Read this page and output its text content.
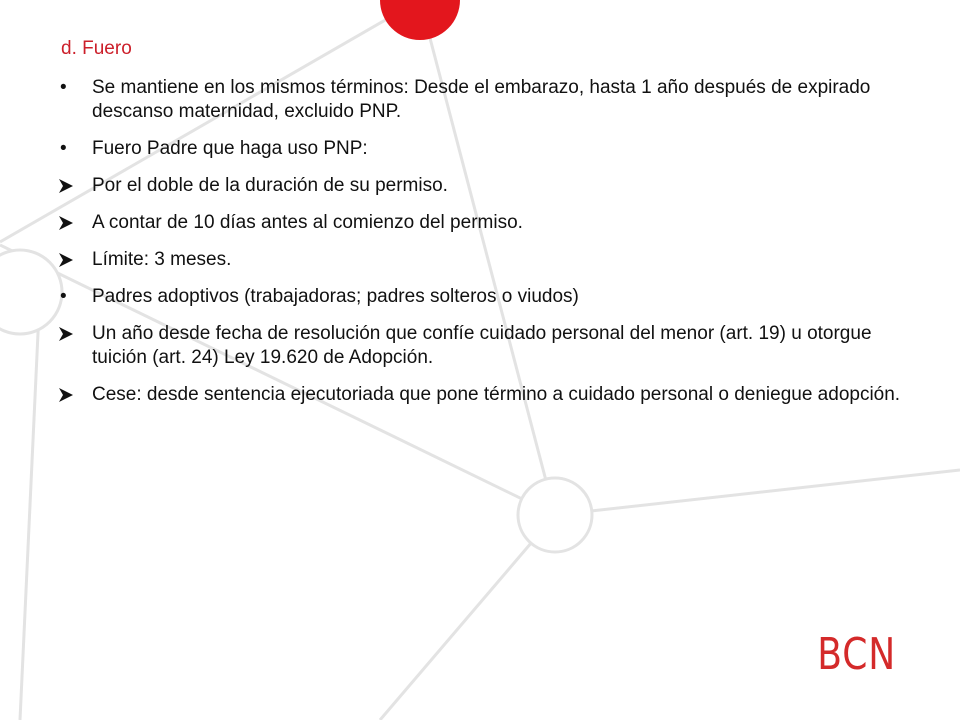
d. Fuero
•	Se mantiene en los mismos términos: Desde el embarazo, hasta 1 año después de expirado descanso maternidad, excluido PNP.
•	Fuero Padre que haga uso PNP:
Por el doble de la duración de su permiso.
A contar de 10 días antes al comienzo del permiso.
Límite: 3 meses.
•	Padres adoptivos (trabajadoras; padres solteros o viudos)
Un año desde fecha de resolución que confíe cuidado personal del menor (art. 19) u otorgue tuición (art. 24) Ley 19.620 de Adopción.
Cese: desde sentencia ejecutoriada que pone término a cuidado personal o deniegue adopción.
BCN
